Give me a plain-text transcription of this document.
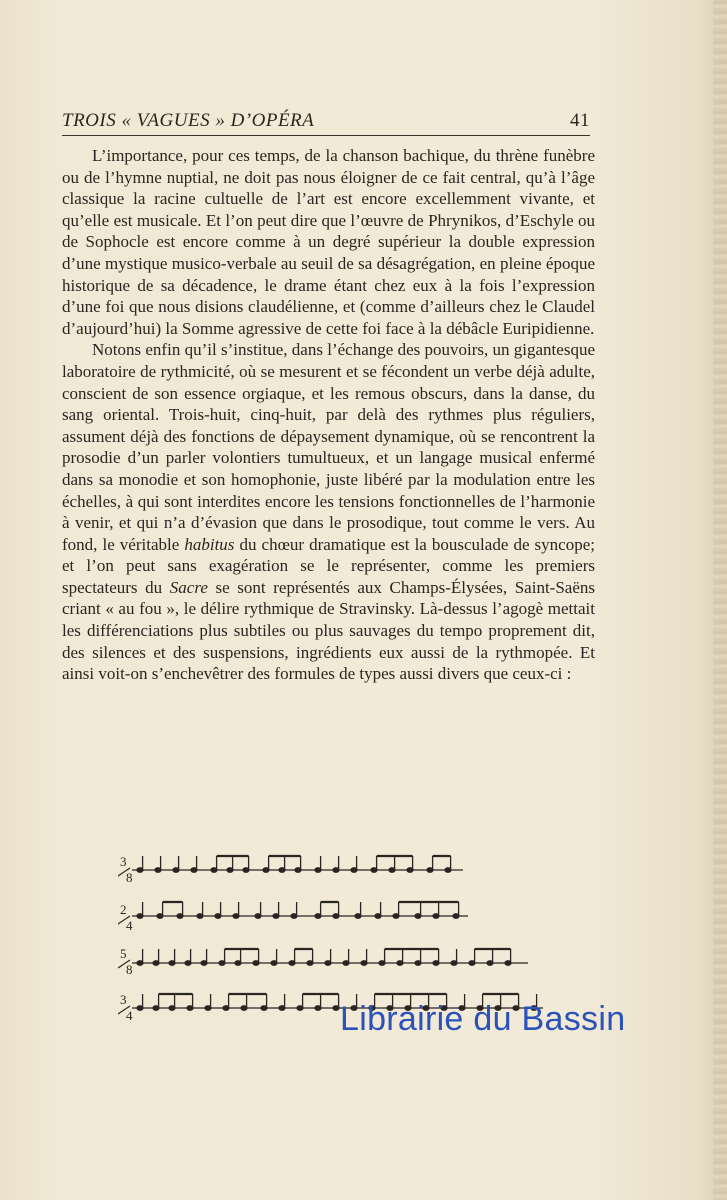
TROIS « VAGUES » D’OPÉRA	41

L’importance, pour ces temps, de la chanson bachique, du thrène funèbre ou de l’hymne nuptial, ne doit pas nous éloigner de ce fait central, qu’à l’âge classique la racine cultuelle de l’art est encore excellemment vivante, et qu’elle est musicale. Et l’on peut dire que l’œuvre de Phrynikos, d’Eschyle ou de Sophocle est encore comme à un degré supérieur la double expression d’une mystique musico-verbale au seuil de sa désagrégation, en pleine époque historique de sa décadence, le drame étant chez eux à la fois l’expression d’une foi que nous disions claudélienne, et (comme d’ailleurs chez le Claudel d’aujourd’hui) la Somme agressive de cette foi face à la débâcle Euripidienne.

Notons enfin qu’il s’institue, dans l’échange des pouvoirs, un gigantesque laboratoire de rythmicité, où se mesurent et se fécondent un verbe déjà adulte, conscient de son essence orgiaque, et les remous obscurs, dans la danse, du sang oriental. Trois-huit, cinq-huit, par delà des rythmes plus réguliers, assument déjà des fonctions de dépaysement dynamique, où se rencontrent la prosodie d’un parler volontiers tumultueux, et un langage musical enfermé dans sa monodie et son homophonie, juste libéré par la modulation entre les échelles, à qui sont interdites encore les tensions fonctionnelles de l’harmonie à venir, et qui n’a d’évasion que dans le prosodique, tout comme le vers. Au fond, le véritable habitus du chœur dramatique est la bousculade de syncope; et l’on peut sans exagération se le représenter, comme les premiers spectateurs du Sacre se sont représentés aux Champs-Élysées, Saint-Saëns criant « au fou », le délire rythmique de Stravinsky. Là-dessus l’agogè mettait les différenciations plus subtiles ou plus sauvages du tempo proprement dit, des silences et des suspensions, ingrédients eux aussi de la rythmopée. Et ainsi voit-on s’enchevêtrer des formules de types aussi divers que ceux-ci :

3
8
2
4
5
8
3
4	Librairie du Bassin
